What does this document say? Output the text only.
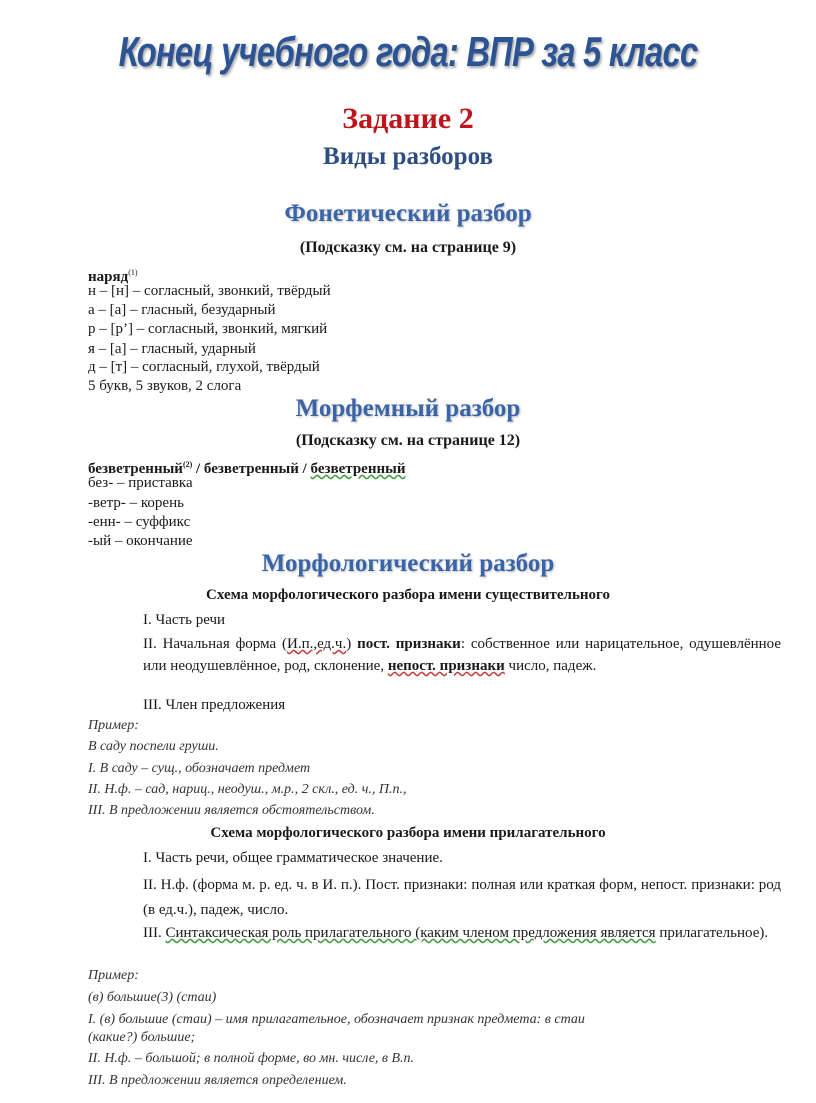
Конец учебного года: ВПР за 5 класс
Задание 2
Виды разборов
Фонетический разбор
(Подсказку см. на странице 9)
наряд$^{(1)}$
н – [н] – согласный, звонкий, твёрдый
а – [а] – гласный, безударный
р – [р’] – согласный, звонкий, мягкий
я – [а] – гласный, ударный
д – [т] – согласный, глухой, твёрдый
5 букв, 5 звуков, 2 слога
Морфемный разбор
(Подсказку см. на странице 12)
безветренный$^{(2)}$ / безветренный / безветренный
без- – приставка
-ветр- – корень
-енн- – суффикс
-ый – окончание
Морфологический разбор
Схема морфологического разбора имени существительного
I. Часть речи
II. Начальная форма (И.п.,ед.ч.) пост. признаки: собственное или нарицательное, одушевлённое или неодушевлённое, род, склонение, непост. признаки число, падеж.
III. Член предложения
Пример:
В саду поспели груши.
I. В саду – сущ., обозначает предмет
II. Н.ф. – сад, нариц., неодуш., м.р., 2 скл., ед. ч., П.п.,
III. В предложении является обстоятельством.
Схема морфологического разбора имени прилагательного
I. Часть речи, общее грамматическое значение.
II. Н.ф. (форма м. р. ед. ч. в И. п.). Пост. признаки: полная или краткая форм, непост. признаки: род (в ед.ч.), падеж, число.
III. Синтаксическая роль прилагательного (каким членом предложения является прилагательное).
Пример:
(в) большие(3) (стаи)
I. (в) большие (стаи) – имя прилагательное, обозначает признак предмета: в стаи
(какие?) большие;
II. Н.ф. – большой; в полной форме, во мн. числе, в В.п.
III. В предложении является определением.
